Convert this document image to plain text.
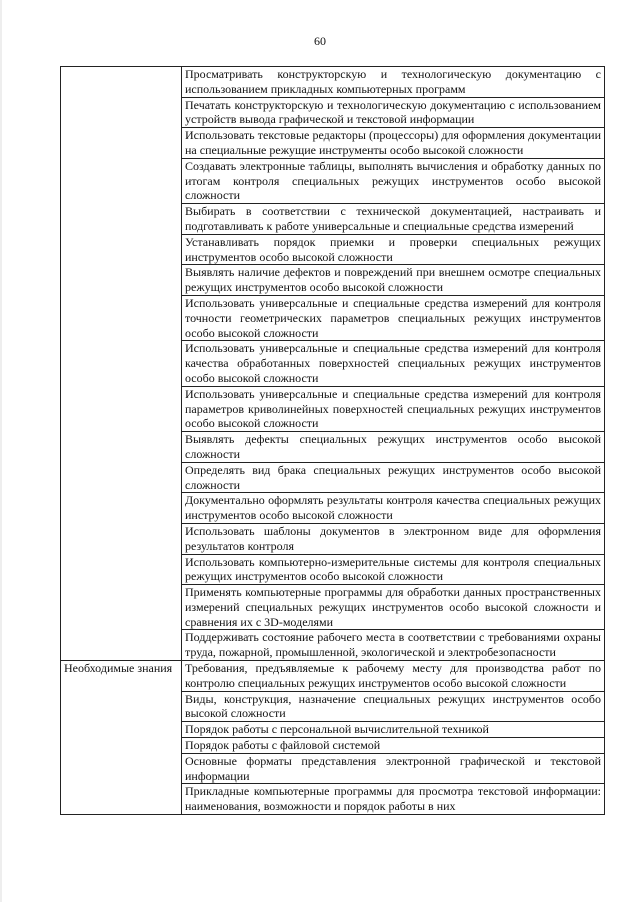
60
	Просматривать конструкторскую и технологическую документацию с использованием прикладных компьютерных программ
	Печатать конструкторскую и технологическую документацию с использованием устройств вывода графической и текстовой информации
	Использовать текстовые редакторы (процессоры) для оформления документации на специальные режущие инструменты особо высокой сложности
	Создавать электронные таблицы, выполнять вычисления и обработку данных по итогам контроля специальных режущих инструментов особо высокой сложности
	Выбирать в соответствии с технической документацией, настраивать и подготавливать к работе универсальные и специальные средства измерений
	Устанавливать порядок приемки и проверки специальных режущих инструментов особо высокой сложности
	Выявлять наличие дефектов и повреждений при внешнем осмотре специальных режущих инструментов особо высокой сложности
	Использовать универсальные и специальные средства измерений для контроля точности геометрических параметров специальных режущих инструментов особо высокой сложности
	Использовать универсальные и специальные средства измерений для контроля качества обработанных поверхностей специальных режущих инструментов особо высокой сложности
	Использовать универсальные и специальные средства измерений для контроля параметров криволинейных поверхностей специальных режущих инструментов особо высокой сложности
	Выявлять дефекты специальных режущих инструментов особо высокой сложности
	Определять вид брака специальных режущих инструментов особо высокой сложности
	Документально оформлять результаты контроля качества специальных режущих инструментов особо высокой сложности
	Использовать шаблоны документов в электронном виде для оформления результатов контроля
	Использовать компьютерно-измерительные системы для контроля специальных режущих инструментов особо высокой сложности
	Применять компьютерные программы для обработки данных пространственных измерений специальных режущих инструментов особо высокой сложности и сравнения их с 3D-моделями
	Поддерживать состояние рабочего места в соответствии с требованиями охраны труда, пожарной, промышленной, экологической и электробезопасности
Необходимые знания	Требования, предъявляемые к рабочему месту для производства работ по контролю специальных режущих инструментов особо высокой сложности
	Виды, конструкция, назначение специальных режущих инструментов особо высокой сложности
	Порядок работы с персональной вычислительной техникой
	Порядок работы с файловой системой
	Основные форматы представления электронной графической и текстовой информации
	Прикладные компьютерные программы для просмотра текстовой информации: наименования, возможности и порядок работы в них
